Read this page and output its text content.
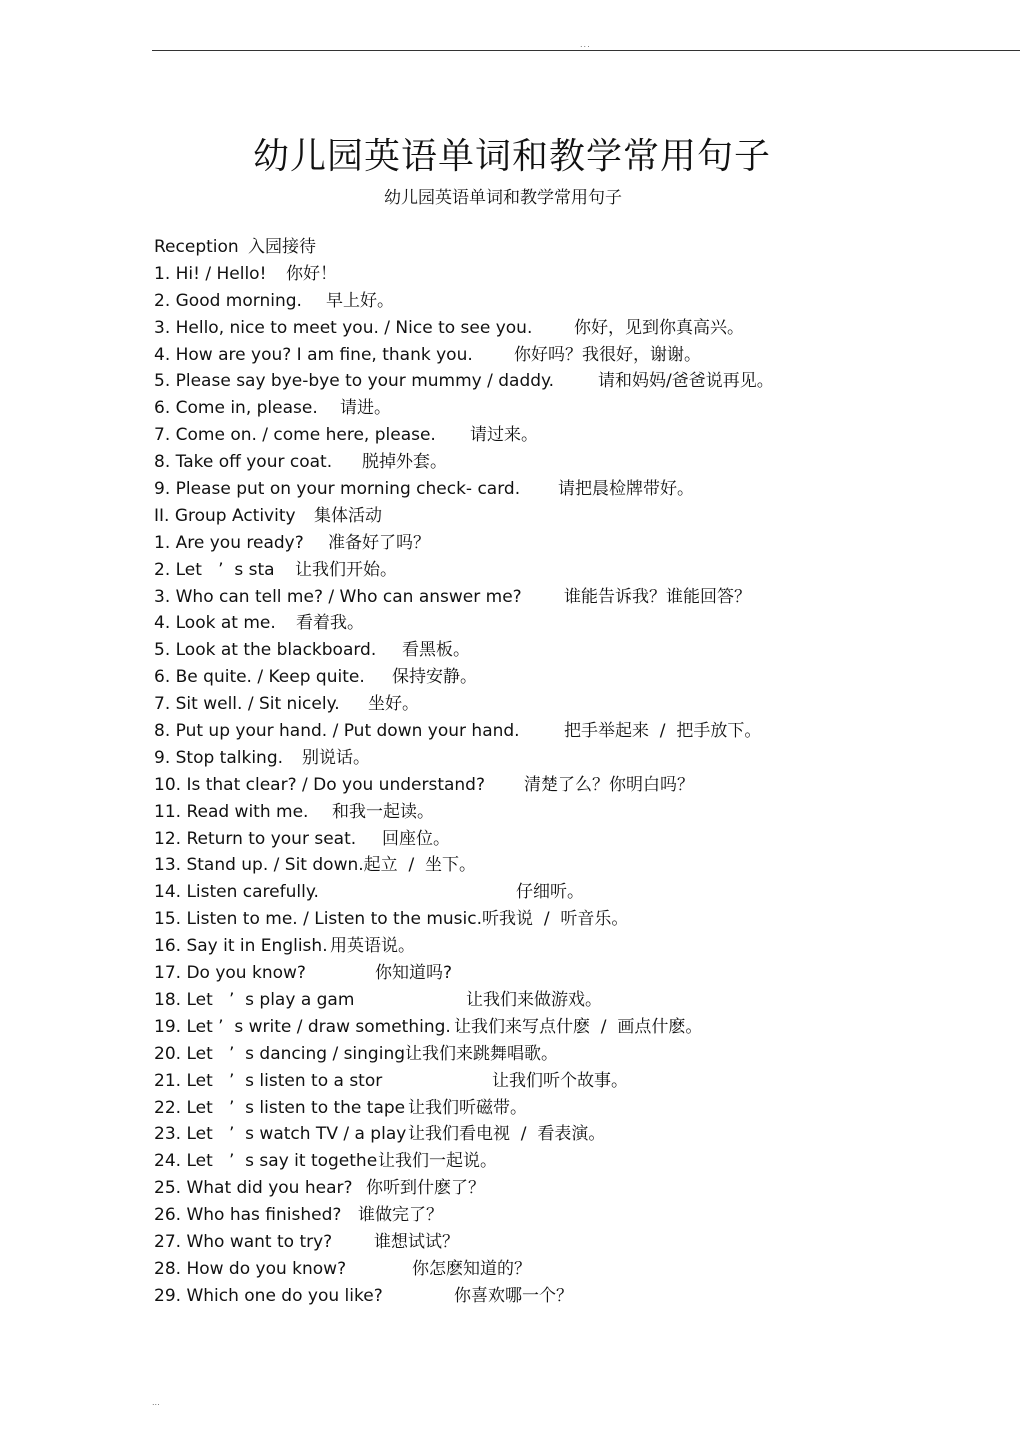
...
幼儿园英语单词和教学常用句子

幼儿园英语单词和教学常用句子

Reception 入园接待
1. Hi! / Hello!	你好！
2. Good morning.	早上好。
3. Hello, nice to meet you. / Nice to see you.	你好，见到你真高兴。
4. How are you? I am fine, thank you.	你好吗？我很好，谢谢。
5. Please say bye-bye to your mummy / daddy.	请和妈妈/爸爸说再见。
6. Come in, please.	请进。
7. Come on. / come here, please.	请过来。
8. Take off your coat.	脱掉外套。
9. Please put on your morning check- card.	请把晨检牌带好。
II. Group Activity	集体活动
1. Are you ready?	准备好了吗？
2. Let   ’  s sta	让我们开始。
3. Who can tell me? / Who can answer me?	谁能告诉我？谁能回答？
4. Look at me.	看着我。
5. Look at the blackboard.	看黑板。
6. Be quite. / Keep quite.	保持安静。
7. Sit well. / Sit nicely.	坐好。
8. Put up your hand. / Put down your hand.	把手举起来  /  把手放下。
9. Stop talking.	别说话。
10. Is that clear? / Do you understand?	清楚了么？你明白吗？
11. Read with me.	和我一起读。
12. Return to your seat.	回座位。
13. Stand up. / Sit down. 起立  /  坐下。
14. Listen carefully.	仔细听。
15. Listen to me. / Listen to the music. 听我说  /  听音乐。
16. Say it in English. 用英语说。
17. Do you know?	你知道吗?
18. Let   ’  s play a gam	让我们来做游戏。
19. Let ’  s write / draw something. 让我们来写点什麽  /  画点什麽。
20. Let   ’  s dancing / singing 让我们来跳舞唱歌。
21. Let   ’  s listen to a stor	让我们听个故事。
22. Let   ’  s listen to the tape 让我们听磁带。
23. Let   ’  s watch TV / a play 让我们看电视  /  看表演。
24. Let   ’  s say it togethe 让我们一起说。
25. What did you hear? 你听到什麽了？
26. Who has finished? 谁做完了？
27. Who want to try?	谁想试试？
28. How do you know?	你怎麽知道的？
29. Which one do you like?	你喜欢哪一个？
...
